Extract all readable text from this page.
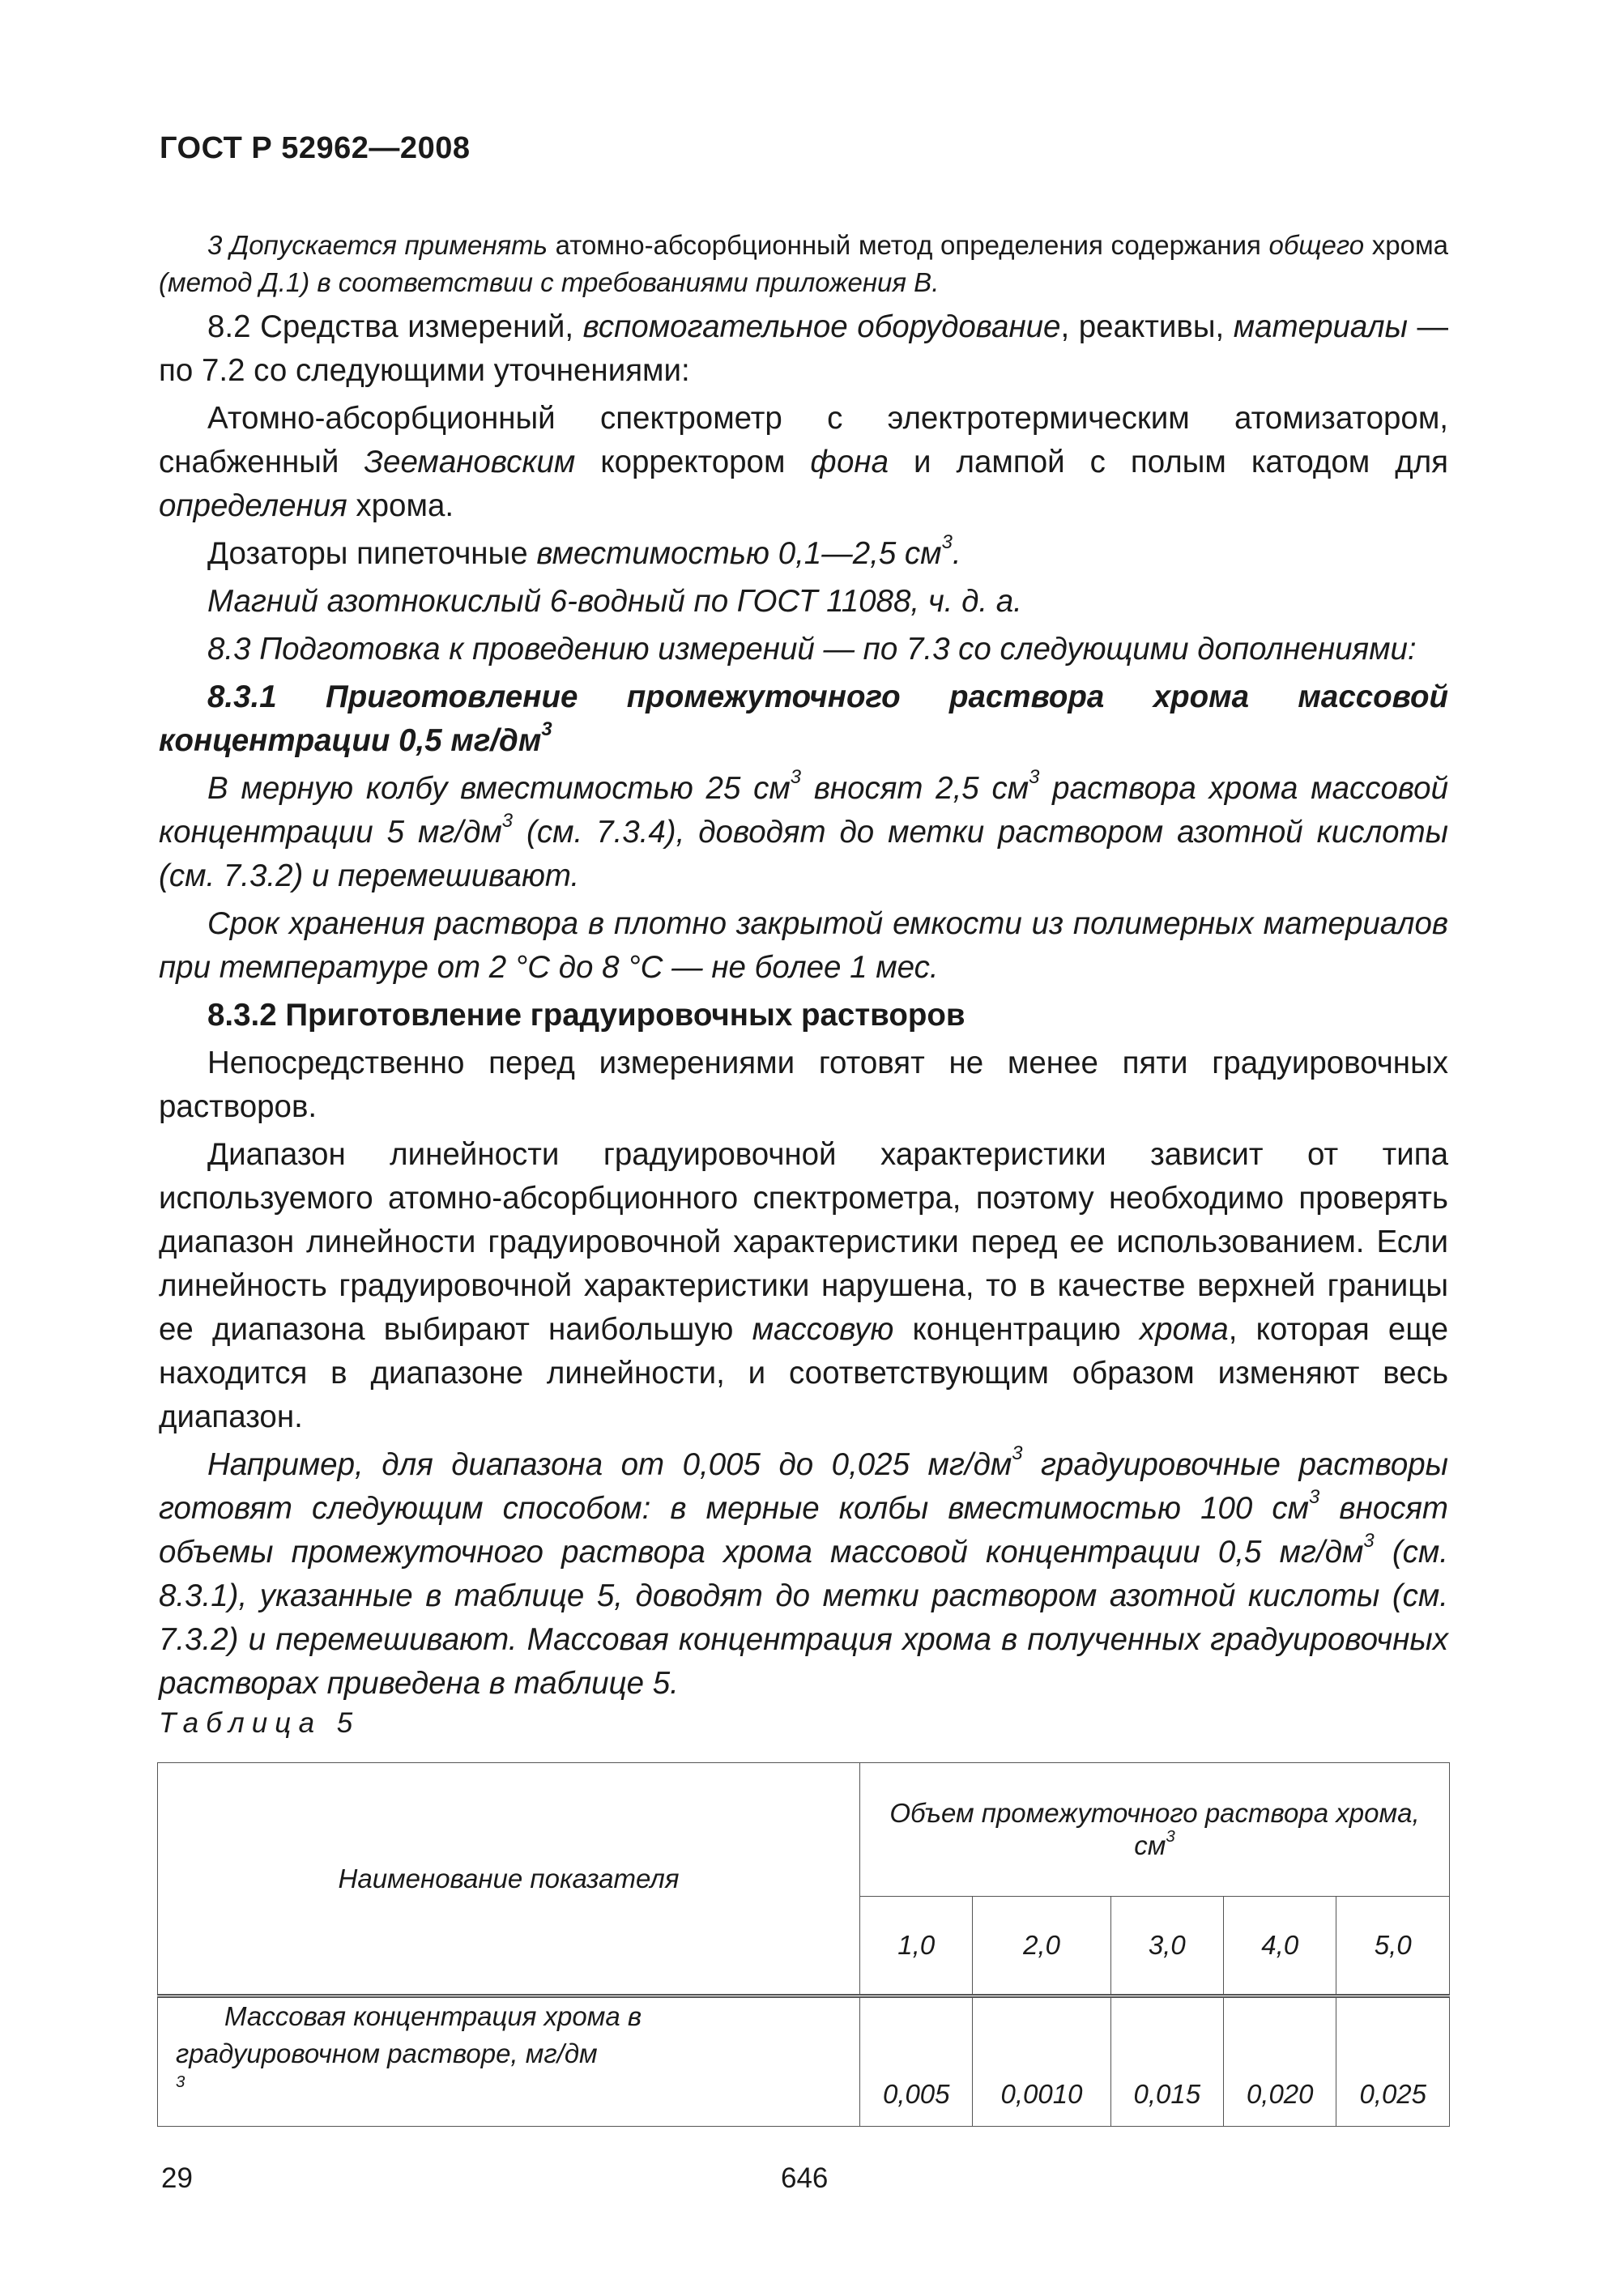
ГОСТ Р 52962—2008

3 Допускается применять атомно-абсорбционный метод определения содержания общего хрома (метод Д.1) в соответствии с требованиями приложения В.

8.2 Средства измерений, вспомогательное оборудование, реактивы, материалы — по 7.2 со следующими уточнениями:

Атомно-абсорбционный спектрометр с электротермическим атомизатором, снабженный Зеемановским корректором фона и лампой с полым катодом для определения хрома.

Дозаторы пипеточные вместимостью 0,1—2,5 $см^3$.

Магний азотнокислый 6-водный по ГОСТ 11088, ч. д. а.

8.3 Подготовка к проведению измерений — по 7.3 со следующими дополнениями:

8.3.1 Приготовление промежуточного раствора хрома массовой концентрации 0,5 $мг/дм^3$

В мерную колбу вместимостью 25 $см^3$ вносят 2,5 $см^3$ раствора хрома массовой концентрации 5 $мг/дм^3$ (см. 7.3.4), доводят до метки раствором азотной кислоты (см. 7.3.2) и перемешивают.

Срок хранения раствора в плотно закрытой емкости из полимерных материалов при температуре от 2 °С до 8 °С — не более 1 мес.

8.3.2 Приготовление градуировочных растворов

Непосредственно перед измерениями готовят не менее пяти градуировочных растворов.

Диапазон линейности градуировочной характеристики зависит от типа используемого атомно-абсорбционного спектрометра, поэтому необходимо проверять диапазон линейности градуировочной характеристики перед ее использованием. Если линейность градуировочной характеристики нарушена, то в качестве верхней границы ее диапазона выбирают наибольшую массовую концентрацию хрома, которая еще находится в диапазоне линейности, и соответствующим образом изменяют весь диапазон.

Например, для диапазона от 0,005 до 0,025 $мг/дм^3$ градуировочные растворы готовят следующим способом: в мерные колбы вместимостью 100 $см^3$ вносят объемы промежуточного раствора хрома массовой концентрации 0,5 $мг/дм^3$ (см. 8.3.1), указанные в таблице 5, доводят до метки раствором азотной кислоты (см. 7.3.2) и перемешивают. Массовая концентрация хрома в полученных градуировочных растворах приведена в таблице 5.

Таблица 5
Наименование показателя	Объем промежуточного раствора хрома, $см^3$
	1,0	2,0	3,0	4,0	5,0
Массовая концентрация хрома в градуировочном растворе, $мг/дм^3$	0,005	0,0010	0,015	0,020	0,025
29	646
